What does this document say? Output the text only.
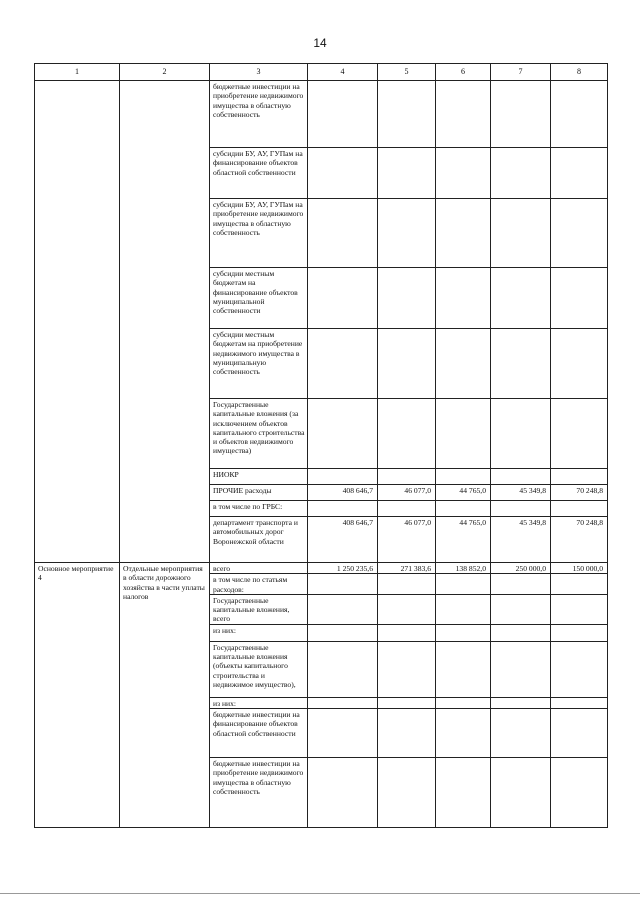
14
1	2	3	4	5	6	7	8
		бюджетные инвестиции на приобретение недвижимого имущества в областную собственность					
		субсидии БУ, АУ, ГУПам на финансирование объектов областной собственности					
		субсидии БУ, АУ, ГУПам на приобретение недвижимого имущества в областную собственность					
		субсидии местным бюджетам на финансирование объектов муниципальной собственности					
		субсидии местным бюджетам на приобретение недвижимого имущества в муниципальную собственность					
		Государственные капитальные вложения (за исключением объектов капитального строительства и объектов недвижимого имущества)					
		НИОКР					
		ПРОЧИЕ расходы	408 646,7	46 077,0	44 765,0	45 349,8	70 248,8
		в том числе по ГРБС:					
		департамент транспорта и автомобильных дорог Воронежской области	408 646,7	46 077,0	44 765,0	45 349,8	70 248,8
Основное мероприятие 4	Отдельные мероприятия в области дорожного хозяйства в части уплаты налогов	всего	1 250 235,6	271 383,6	138 852,0	250 000,0	150 000,0
		в том числе по статьям расходов:					
		Государственные капитальные вложения, всего					
		из них:					
		Государственные капитальные вложения (объекты капитального строительства и недвижимое имущество),					
		из них:					
		бюджетные инвестиции на финансирование объектов областной собственности					
		бюджетные инвестиции на приобретение недвижимого имущества в областную собственность					
